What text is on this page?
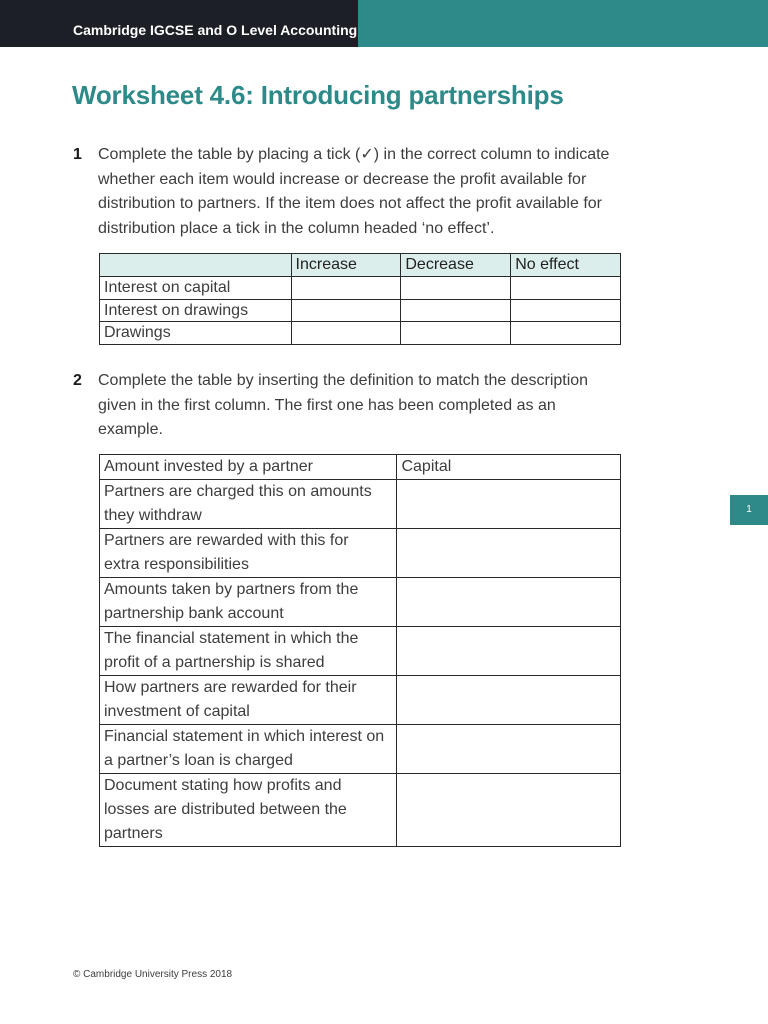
Cambridge IGCSE and O Level Accounting
Worksheet 4.6: Introducing partnerships
1 Complete the table by placing a tick (✓) in the correct column to indicate
whether each item would increase or decrease the profit available for
distribution to partners. If the item does not affect the profit available for
distribution place a tick in the column headed ‘no effect’.
	Increase	Decrease	No effect
Interest on capital			
Interest on drawings			
Drawings			
2 Complete the table by inserting the definition to match the description
given in the first column. The first one has been completed as an
example.
Amount invested by a partner	Capital

Partners are charged this on amounts
they withdraw	

Partners are rewarded with this for
extra responsibilities	

Amounts taken by partners from the
partnership bank account	

The financial statement in which the
profit of a partnership is shared	

How partners are rewarded for their
investment of capital	

Financial statement in which interest on
a partner’s loan is charged	

Document stating how profits and
losses are distributed between the
partners	

1
© Cambridge University Press 2018
